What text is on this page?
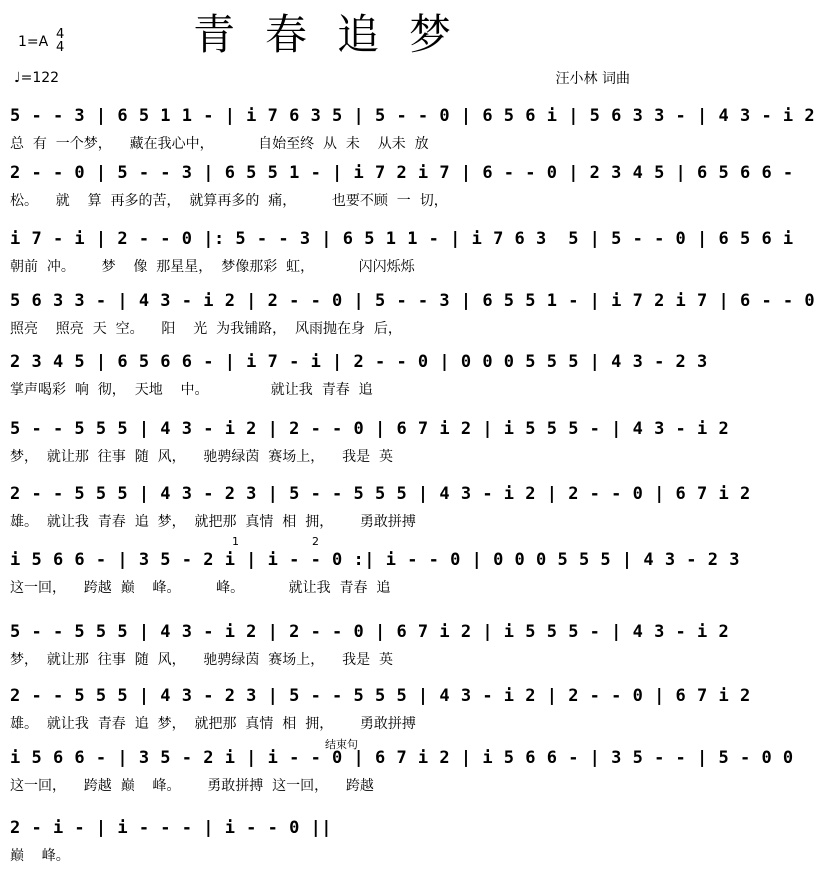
青春追梦
1=A 4
4
♩=122	汪小林 词曲
5 - - 3 | 6 5 1 1 - | i 7 6 3 5 | 5 - - 0 | 6 5 6 i | 5 6 3 3 - | 4 3 - i 2
总  有  一个梦，    藏在我心中，          自始至终  从  未    从未  放
2 - - 0 | 5 - - 3 | 6 5 5 1 - | i 7 2 i 7 | 6 - - 0 | 2 3 4 5 | 6 5 6 6 -
松。    就    算  再多的苦，  就算再多的  痛，        也要不顾  一  切，
i 7 - i | 2 - - 0 |: 5 - - 3 | 6 5 1 1 - | i 7 6 3  5 | 5 - - 0 | 6 5 6 i
朝前  冲。      梦    像  那星星，  梦像那彩  虹，          闪闪烁烁
5 6 3 3 - | 4 3 - i 2 | 2 - - 0 | 5 - - 3 | 6 5 5 1 - | i 7 2 i 7 | 6 - - 0
照亮    照亮  天  空。    阳    光  为我铺路，  风雨抛在身  后，
2 3 4 5 | 6 5 6 6 - | i 7 - i | 2 - - 0 | 0 0 0 5 5 5 | 4 3 - 2 3
掌声喝彩  响  彻，  天地    中。              就让我  青春  追
5 - - 5 5 5 | 4 3 - i 2 | 2 - - 0 | 6 7 i 2 | i 5 5 5 - | 4 3 - i 2
梦，  就让那  往事  随  风，    驰骋绿茵  赛场上，    我是  英
2 - - 5 5 5 | 4 3 - 2 3 | 5 - - 5 5 5 | 4 3 - i 2 | 2 - - 0 | 6 7 i 2
雄。  就让我  青春  追  梦，  就把那  真情  相  拥，      勇敢拼搏
i 5 6 6 - | 3 5 - 2 i | i - - 0 :| i - - 0 | 0 0 0 5 5 5 | 4 3 - 2 3
这一回，    跨越  巅    峰。        峰。          就让我  青春  追
5 - - 5 5 5 | 4 3 - i 2 | 2 - - 0 | 6 7 i 2 | i 5 5 5 - | 4 3 - i 2
梦，  就让那  往事  随  风，    驰骋绿茵  赛场上，    我是  英
2 - - 5 5 5 | 4 3 - 2 3 | 5 - - 5 5 5 | 4 3 - i 2 | 2 - - 0 | 6 7 i 2
雄。  就让我  青春  追  梦，  就把那  真情  相  拥，      勇敢拼搏
i 5 6 6 - | 3 5 - 2 i | i - - 0 | 6 7 i 2 | i 5 6 6 - | 3 5 - - | 5 - 0 0
这一回，    跨越  巅    峰。      勇敢拼搏  这一回，    跨越
2 - i - | i - - - | i - - 0 ||
巅    峰。
1	2
结束句
